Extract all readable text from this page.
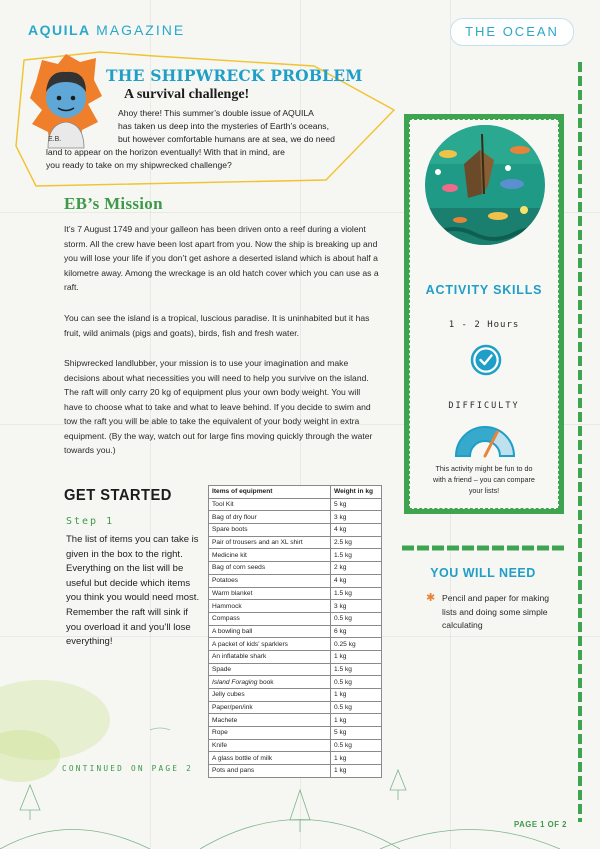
AQUILA MAGAZINE	THE OCEAN
E.B.
THE SHIPWRECK PROBLEM
A survival challenge!
Ahoy there! This summer’s double issue of AQUILA
has taken us deep into the mysteries of Earth’s oceans,
but however comfortable humans are at sea, we do need
land to appear on the horizon eventually! With that in mind, are
you ready to take on my shipwrecked challenge?
EB’s Mission
It’s 7 August 1749 and your galleon has been driven onto a reef during a violent storm. All the crew have been lost apart from you. Now the ship is breaking up and you will lose your life if you don’t get ashore a deserted island which is about half a kilometre away. Among the wreckage is an old hatch cover which you can use as a raft.
You can see the island is a tropical, luscious paradise. It is uninhabited but it has fruit, wild animals (pigs and goats), birds, fish and fresh water.
Shipwrecked landlubber, your mission is to use your imagination and make decisions about what necessities you will need to help you survive on the island. The raft will only carry 20 kg of equipment plus your own body weight. You will have to choose what to take and what to leave behind. If you decide to swim and tow the raft you will be able to take the equivalent of your body weight in extra equipment. (By the way, watch out for large fins moving quickly through the water towards you.)
GET STARTED
Step 1
The list of items you can take is given in the box to the right. Everything on the list will be useful but decide which items you think you would need most. Remember the raft will sink if you overload it and you’ll lose everything!
CONTINUED ON PAGE 2
Items of equipment	Weight in kg
Tool Kit	5 kg
Bag of dry flour	3 kg
Spare boots	4 kg
Pair of trousers and an XL shirt	2.5 kg
Medicine kit	1.5 kg
Bag of corn seeds	2 kg
Potatoes	4 kg
Warm blanket	1.5 kg
Hammock	3 kg
Compass	0.5 kg
A bowling ball	6 kg
A packet of kids’ sparklers	0.25 kg
An inflatable shark	1 kg
Spade	1.5 kg
Island Foraging book	0.5 kg
Jelly cubes	1 kg
Paper/pen/ink	0.5 kg
Machete	1 kg
Rope	5 kg
Knife	0.5 kg
A glass bottle of milk	1 kg
Pots and pans	1 kg
ACTIVITY SKILLS
1 - 2 Hours
DIFFICULTY
This activity might be fun to do with a friend – you can compare your lists!
YOU WILL NEED
✱ Pencil and paper for making lists and doing some simple calculating
PAGE 1 OF 2
